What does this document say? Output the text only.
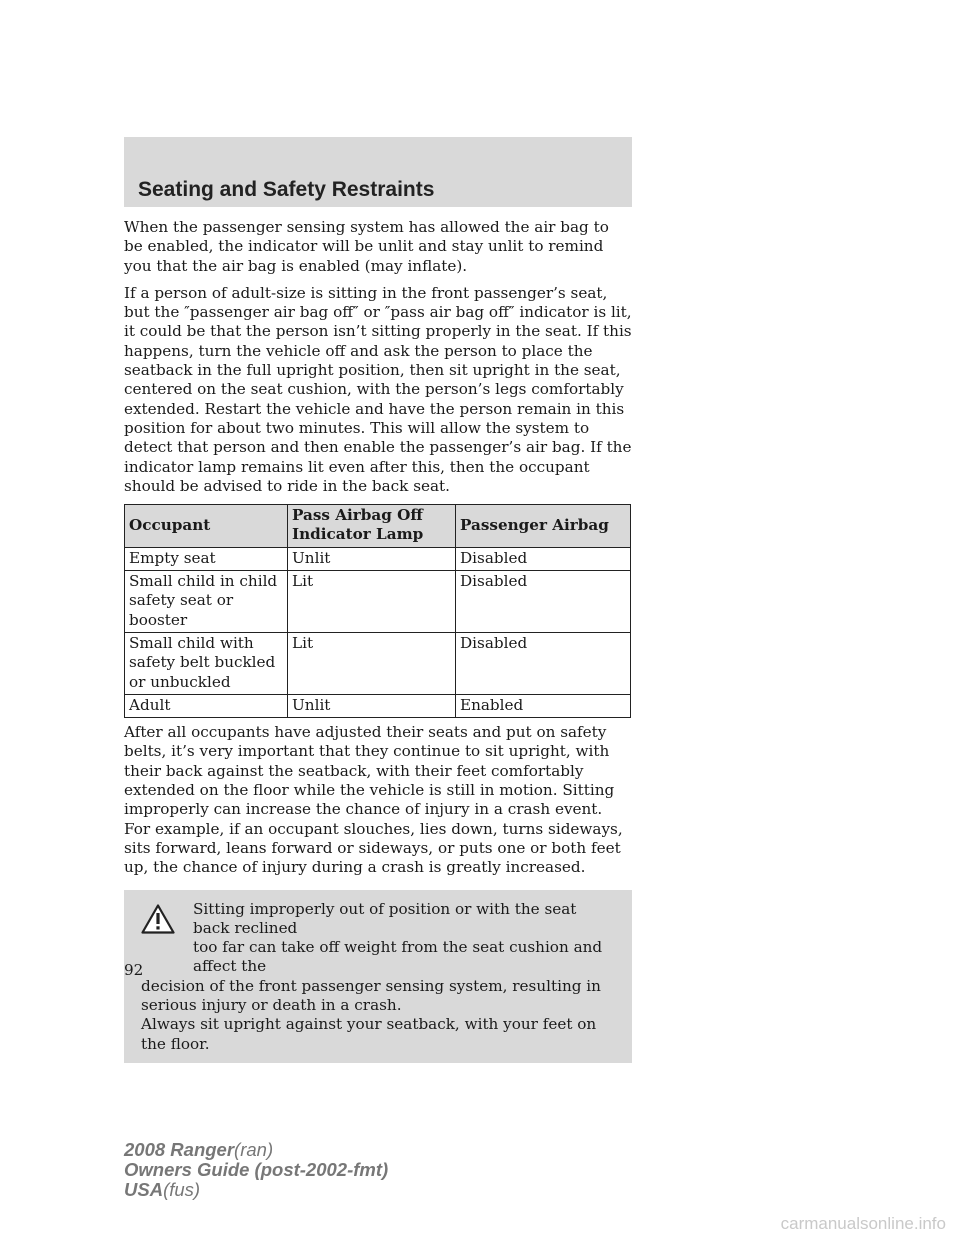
Seating and Safety Restraints

When the passenger sensing system has allowed the air bag to be enabled, the indicator will be unlit and stay unlit to remind you that the air bag is enabled (may inflate).

If a person of adult-size is sitting in the front passenger’s seat, but the ″passenger air bag off″ or ″pass air bag off″ indicator is lit, it could be that the person isn’t sitting properly in the seat. If this happens, turn the vehicle off and ask the person to place the seatback in the full upright position, then sit upright in the seat, centered on the seat cushion, with the person’s legs comfortably extended. Restart the vehicle and have the person remain in this position for about two minutes. This will allow the system to detect that person and then enable the passenger’s air bag. If the indicator lamp remains lit even after this, then the occupant should be advised to ride in the back seat.

Occupant	Pass Airbag Off Indicator Lamp	Passenger Airbag
Empty seat	Unlit	Disabled
Small child in child safety seat or booster	Lit	Disabled
Small child with safety belt buckled or unbuckled	Lit	Disabled
Adult	Unlit	Enabled

After all occupants have adjusted their seats and put on safety belts, it’s very important that they continue to sit upright, with their back against the seatback, with their feet comfortably extended on the floor while the vehicle is still in motion. Sitting improperly can increase the chance of injury in a crash event. For example, if an occupant slouches, lies down, turns sideways, sits forward, leans forward or sideways, or puts one or both feet up, the chance of injury during a crash is greatly increased.

Sitting improperly out of position or with the seat back reclined
too far can take off weight from the seat cushion and affect the
decision of the front passenger sensing system, resulting in serious injury or death in a crash.
Always sit upright against your seatback, with your feet on the floor.
92
2008 Ranger(ran)
Owners Guide (post-2002-fmt)
USA(fus)
carmanualsonline.info
